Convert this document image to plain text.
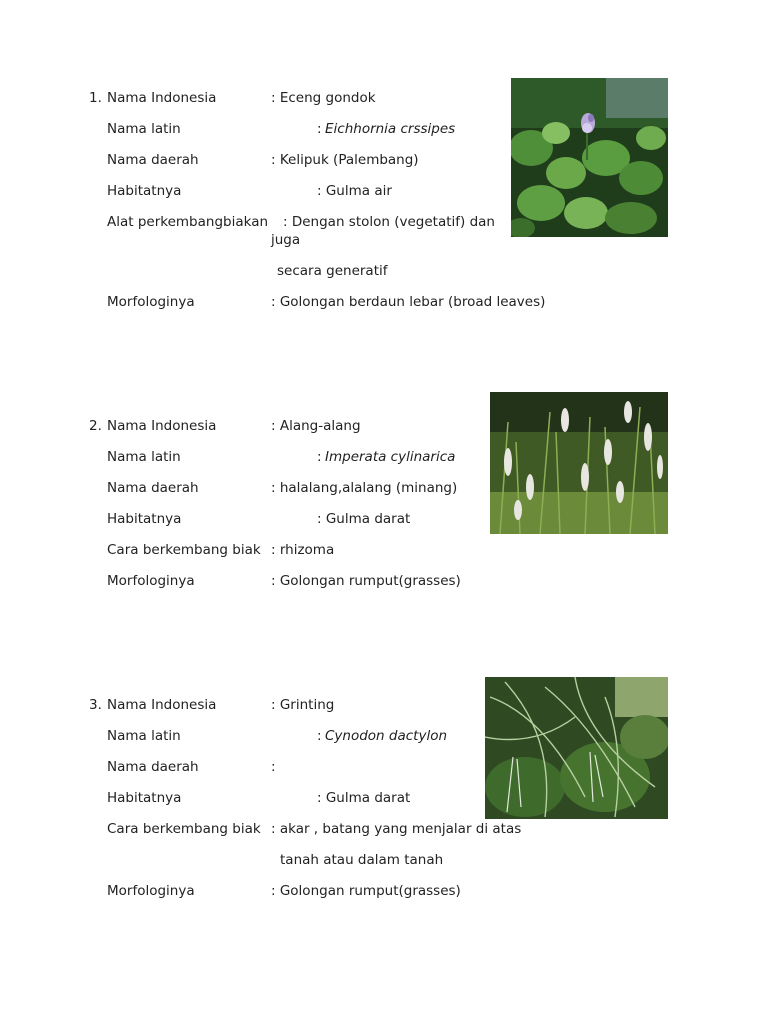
1. Nama Indonesia	: Eceng gondok
Nama latin	: Eichhornia crssipes
Nama daerah	: Kelipuk (Palembang)
Habitatnya	: Gulma air
Alat perkembangbiakan : Dengan stolon (vegetatif) dan
juga
secara generatif
Morfologinya	: Golongan berdaun lebar (broad leaves)
2. Nama Indonesia	: Alang-alang
Nama latin	: Imperata cylinarica
Nama daerah	: halalang,alalang (minang)
Habitatnya	: Gulma darat
Cara berkembang biak : rhizoma
Morfologinya	: Golongan rumput(grasses)
3. Nama Indonesia	: Grinting
Nama latin	: Cynodon dactylon
Nama daerah	:
Habitatnya	: Gulma darat
Cara berkembang biak : akar , batang yang menjalar di atas
tanah atau dalam tanah
Morfologinya	: Golongan rumput(grasses)
